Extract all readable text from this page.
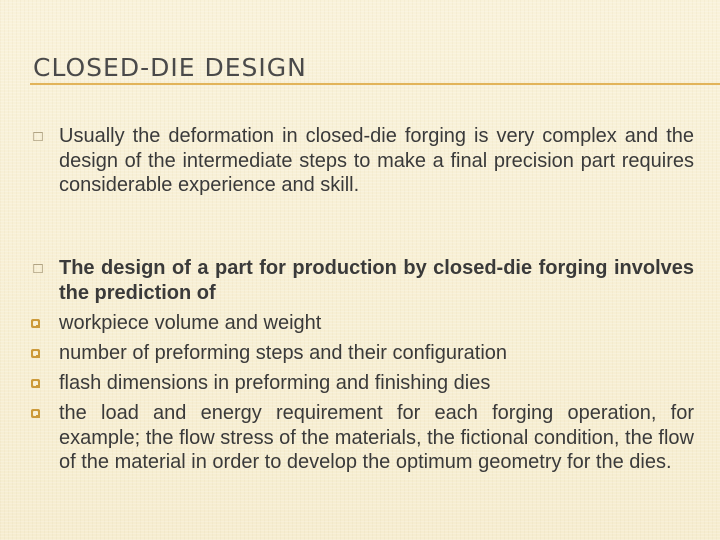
CLOSED-DIE DESIGN
□ Usually the deformation in closed-die forging is very complex and the design of the intermediate steps to make a final precision part requires considerable experience and skill.
□ The design of a part for production by closed-die forging involves the prediction of
workpiece volume and weight
number of preforming steps and their configuration
flash dimensions in preforming and finishing dies
the load and energy requirement for each forging operation, for example; the flow stress of the materials, the fictional condition, the flow of the material in order to develop the optimum geometry for the dies.
